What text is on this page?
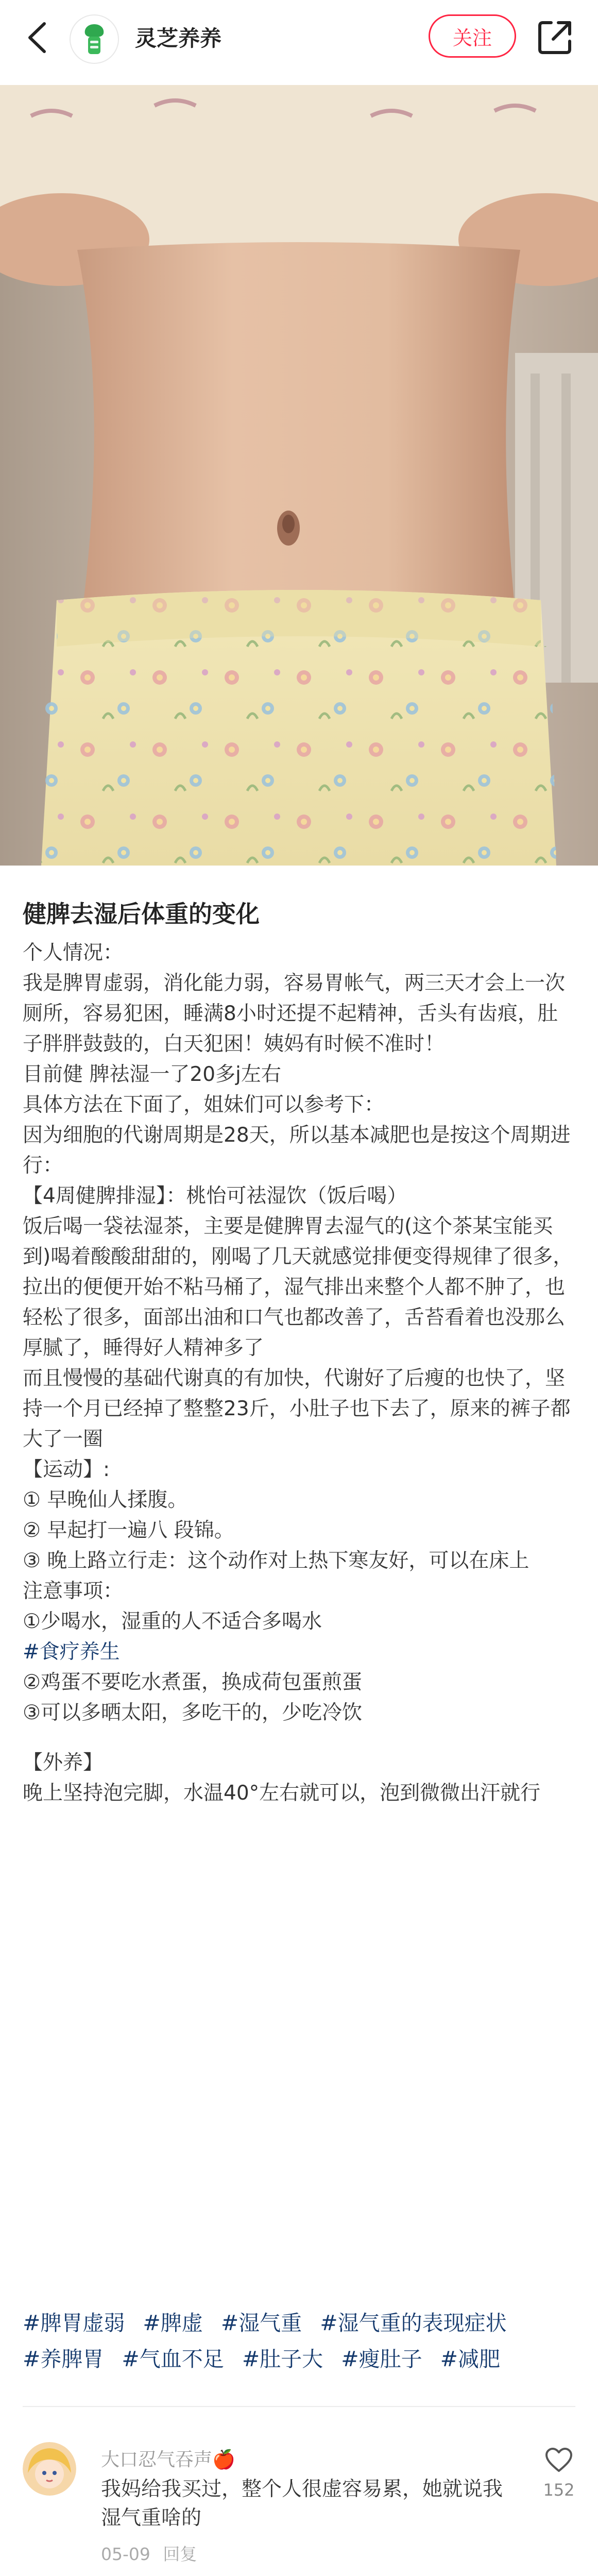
灵芝养养	关注
健脾去湿后体重的变化
个人情况：
我是脾胃虚弱，消化能力弱，容易胃帐气，两三天才会上一次厕所，容易犯困，睡满8小时还提不起精神，舌头有齿痕，肚子胖胖鼓鼓的，白天犯困！姨妈有时候不准时！
目前健 脾祛湿一了20多j左右
具体方法在下面了，姐妹们可以参考下：
因为细胞的代谢周期是28天，所以基本减肥也是按这个周期进行：
【4周健脾排湿】：桃怡可祛湿饮（饭后喝）
饭后喝一袋祛湿茶，主要是健脾胃去湿气的(这个茶某宝能买到)喝着酸酸甜甜的，刚喝了几天就感觉排便变得规律了很多，拉出的便便开始不粘马桶了，湿气排出来整个人都不肿了，也轻松了很多，面部出油和口气也都改善了，舌苔看着也没那么厚腻了，睡得好人精神多了
而且慢慢的基础代谢真的有加快，代谢好了后瘦的也快了，坚持一个月已经掉了整整23斤，小肚子也下去了，原来的裤子都大了一圈
【运动】:
① 早晚仙人揉腹。
② 早起打一遍八 段锦。
③ 晚上路立行走：这个动作对上热下寒友好，可以在床上
注意事项：
①少喝水，湿重的人不适合多喝水
#食疗养生
②鸡蛋不要吃水煮蛋，换成荷包蛋煎蛋
③可以多晒太阳，多吃干的，少吃冷饮
【外养】
晚上坚持泡完脚，水温40°左右就可以，泡到微微出汗就行
#脾胃虚弱 #脾虚 #湿气重 #湿气重的表现症状 #养脾胃 #气血不足 #肚子大 #瘦肚子 #减肥
大口忍气吞声🍎
我妈给我买过，整个人很虚容易累，她就说我湿气重啥的
05-09 回复
152
